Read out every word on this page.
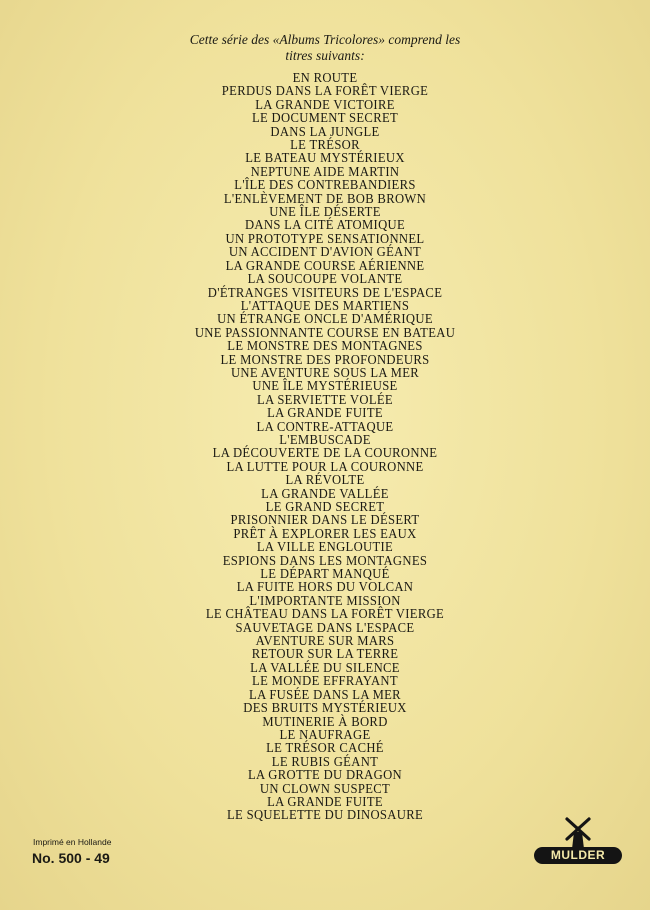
Cette série des «Albums Tricolores» comprend les
titres suivants:
EN ROUTE
PERDUS DANS LA FORÊT VIERGE
LA GRANDE VICTOIRE
LE DOCUMENT SECRET
DANS LA JUNGLE
LE TRÉSOR
LE BATEAU MYSTÉRIEUX
NEPTUNE AIDE MARTIN
L'ÎLE DES CONTREBANDIERS
L'ENLÈVEMENT DE BOB BROWN
UNE ÎLE DÉSERTE
DANS LA CITÉ ATOMIQUE
UN PROTOTYPE SENSATIONNEL
UN ACCIDENT D'AVION GÉANT
LA GRANDE COURSE AÉRIENNE
LA SOUCOUPE VOLANTE
D'ÉTRANGES VISITEURS DE L'ESPACE
L'ATTAQUE DES MARTIENS
UN ÉTRANGE ONCLE D'AMÉRIQUE
UNE PASSIONNANTE COURSE EN BATEAU
LE MONSTRE DES MONTAGNES
LE MONSTRE DES PROFONDEURS
UNE AVENTURE SOUS LA MER
UNE ÎLE MYSTÉRIEUSE
LA SERVIETTE VOLÉE
LA GRANDE FUITE
LA CONTRE-ATTAQUE
L'EMBUSCADE
LA DÉCOUVERTE DE LA COURONNE
LA LUTTE POUR LA COURONNE
LA RÉVOLTE
LA GRANDE VALLÉE
LE GRAND SECRET
PRISONNIER DANS LE DÉSERT
PRÊT À EXPLORER LES EAUX
LA VILLE ENGLOUTIE
ESPIONS DANS LES MONTAGNES
LE DÉPART MANQUÉ
LA FUITE HORS DU VOLCAN
L'IMPORTANTE MISSION
LE CHÂTEAU DANS LA FORÊT VIERGE
SAUVETAGE DANS L'ESPACE
AVENTURE SUR MARS
RETOUR SUR LA TERRE
LA VALLÉE DU SILENCE
LE MONDE EFFRAYANT
LA FUSÉE DANS LA MER
DES BRUITS MYSTÉRIEUX
MUTINERIE À BORD
LE NAUFRAGE
LE TRÉSOR CACHÉ
LE RUBIS GÉANT
LA GROTTE DU DRAGON
UN CLOWN SUSPECT
LA GRANDE FUITE
LE SQUELETTE DU DINOSAURE
Imprimé en Hollande
No. 500 - 49	MULDER
